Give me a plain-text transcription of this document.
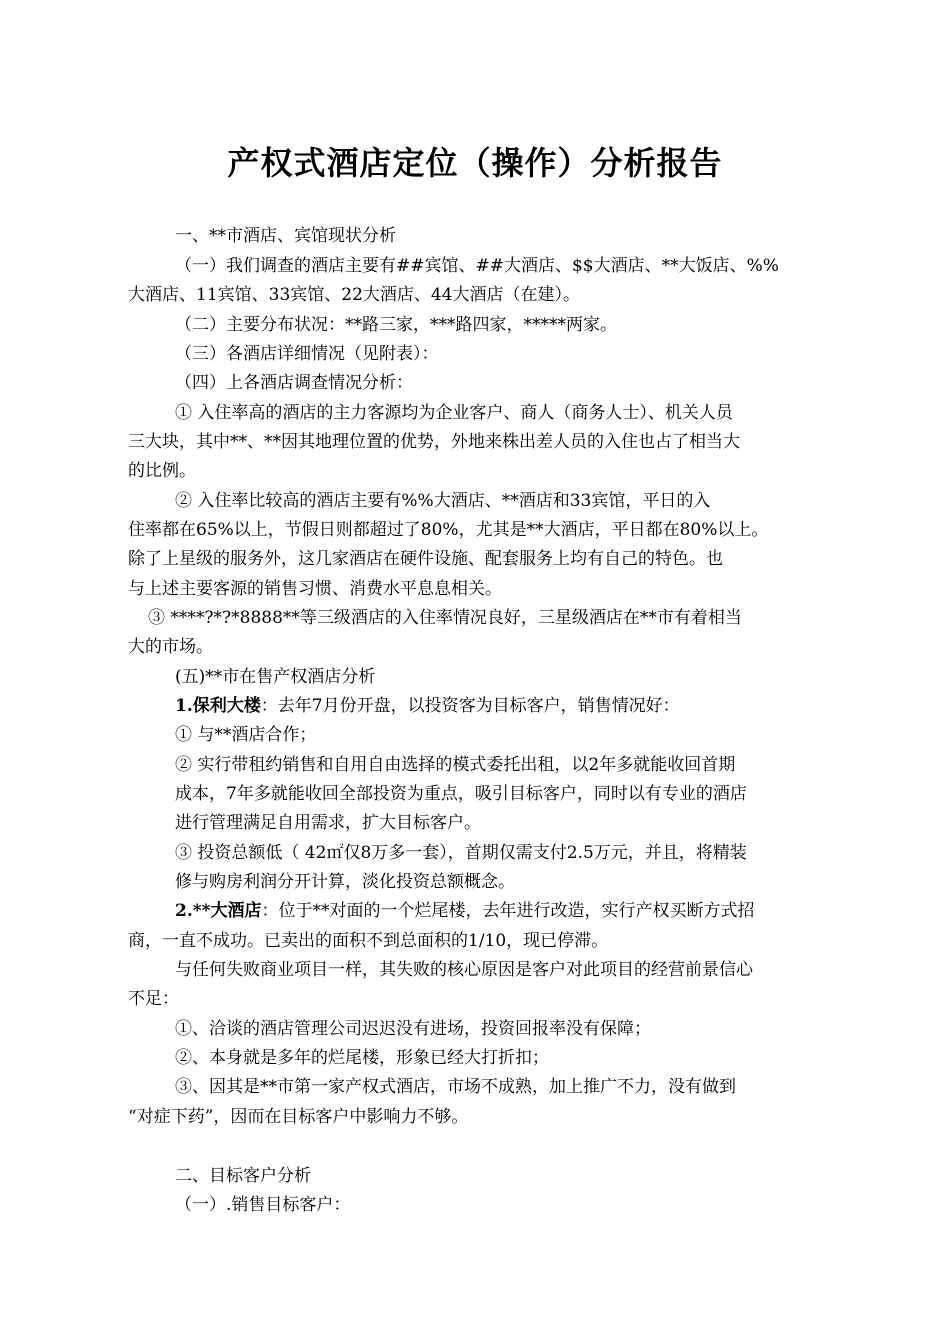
产权式酒店定位（操作）分析报告
一、**市酒店、宾馆现状分析
（一）我们调查的酒店主要有##宾馆、##大酒店、$$大酒店、**大饭店、%%
大酒店、11宾馆、33宾馆、22大酒店、44大酒店（在建）。
（二）主要分布状况：**路三家，***路四家，*****两家。
（三）各酒店详细情况（见附表）：
（四）上各酒店调查情况分析：
① 入住率高的酒店的主力客源均为企业客户、商人（商务人士）、机关人员
三大块，其中**、**因其地理位置的优势，外地来株出差人员的入住也占了相当大
的比例。
② 入住率比较高的酒店主要有%%大酒店、**酒店和33宾馆，平日的入
住率都在65%以上，节假日则都超过了80%，尤其是**大酒店，平日都在80%以上。
除了上星级的服务外，这几家酒店在硬件设施、配套服务上均有自己的特色。也
与上述主要客源的销售习惯、消费水平息息相关。
③ ****?*?*8888**等三级酒店的入住率情况良好，三星级酒店在**市有着相当
大的市场。
(五)**市在售产权酒店分析
1.保利大楼：去年7月份开盘，以投资客为目标客户，销售情况好：
① 与**酒店合作；
② 实行带租约销售和自用自由选择的模式委托出租，以2年多就能收回首期
成本，7年多就能收回全部投资为重点，吸引目标客户，同时以有专业的酒店
进行管理满足自用需求，扩大目标客户。
③ 投资总额低（ 42㎡仅8万多一套），首期仅需支付2.5万元，并且，将精装
修与购房利润分开计算，淡化投资总额概念。
2.**大酒店：位于**对面的一个烂尾楼，去年进行改造，实行产权买断方式招
商，一直不成功。已卖出的面积不到总面积的1/10，现已停滞。
与任何失败商业项目一样，其失败的核心原因是客户对此项目的经营前景信心
不足：
①、洽谈的酒店管理公司迟迟没有进场，投资回报率没有保障；
②、本身就是多年的烂尾楼，形象已经大打折扣；
③、因其是**市第一家产权式酒店，市场不成熟，加上推广不力，没有做到
“对症下药”，因而在目标客户中影响力不够。
二、目标客户分析
（一）.销售目标客户：
